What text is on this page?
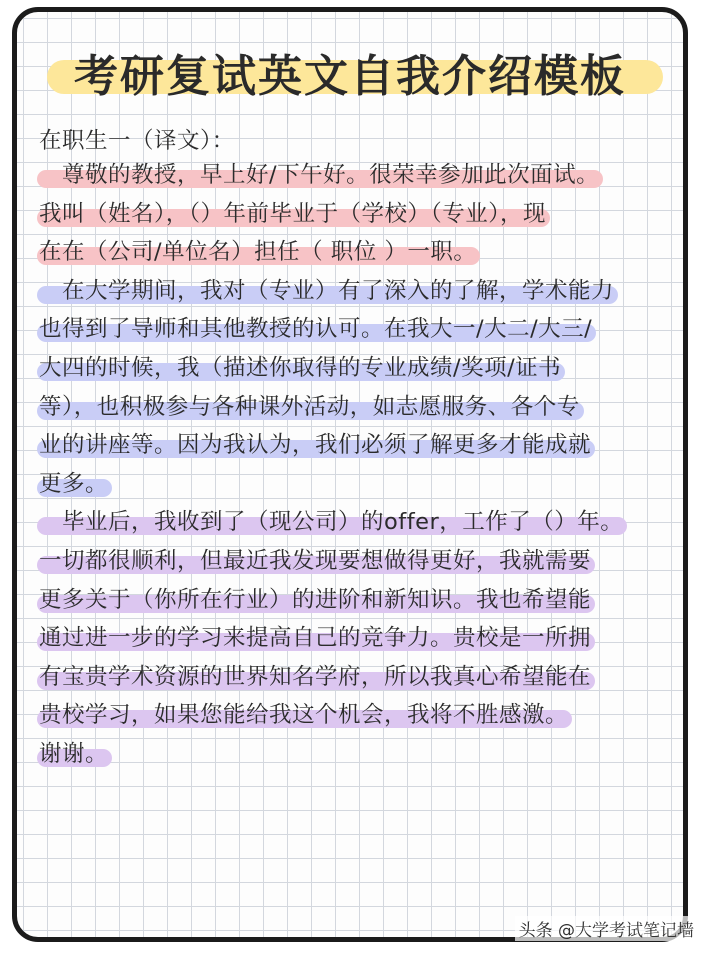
考研复试英文自我介绍模板
在职生一（译文）：
　尊敬的教授，早上好/下午好。很荣幸参加此次面试。
我叫（姓名），（）年前毕业于（学校）（专业），现
在在（公司/单位名）担任（ 职位 ）一职。
　在大学期间，我对（专业）有了深入的了解，学术能力
也得到了导师和其他教授的认可。在我大一/大二/大三/
大四的时候，我（描述你取得的专业成绩/奖项/证书
等），也积极参与各种课外活动，如志愿服务、各个专
业的讲座等。因为我认为，我们必须了解更多才能成就
更多。
　毕业后，我收到了（现公司）的offer，工作了（）年。
一切都很顺利，但最近我发现要想做得更好，我就需要
更多关于（你所在行业）的进阶和新知识。我也希望能
通过进一步的学习来提高自己的竞争力。贵校是一所拥
有宝贵学术资源的世界知名学府，所以我真心希望能在
贵校学习，如果您能给我这个机会，我将不胜感激。
谢谢。
头条 @大学考试笔记墙
